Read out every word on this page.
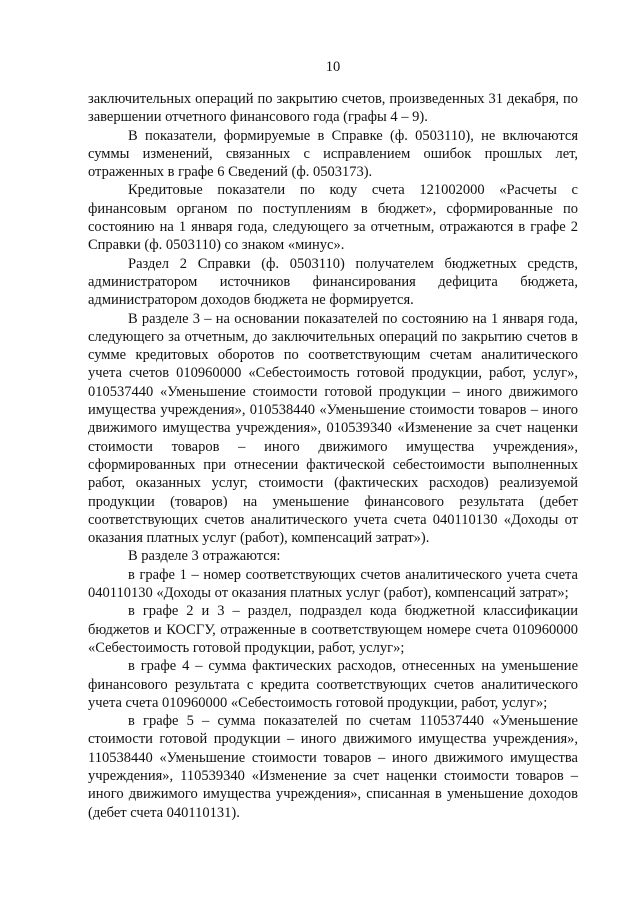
10

заключительных операций по закрытию счетов, произведенных 31 декабря, по завершении отчетного финансового года (графы 4 – 9).

В показатели, формируемые в Справке (ф. 0503110), не включаются суммы изменений, связанных с исправлением ошибок прошлых лет, отраженных в графе 6 Сведений (ф. 0503173).

Кредитовые показатели по коду счета 121002000 «Расчеты с финансовым органом по поступлениям в бюджет», сформированные по состоянию на 1 января года, следующего за отчетным, отражаются в графе 2 Справки (ф. 0503110) со знаком «минус».

Раздел 2 Справки (ф. 0503110) получателем бюджетных средств, администратором источников финансирования дефицита бюджета, администратором доходов бюджета не формируется.

В разделе 3 – на основании показателей по состоянию на 1 января года, следующего за отчетным, до заключительных операций по закрытию счетов в сумме кредитовых оборотов по соответствующим счетам аналитического учета счетов 010960000 «Себестоимость готовой продукции, работ, услуг», 010537440 «Уменьшение стоимости готовой продукции – иного движимого имущества учреждения», 010538440 «Уменьшение стоимости товаров – иного движимого имущества учреждения», 010539340 «Изменение за счет наценки стоимости товаров – иного движимого имущества учреждения», сформированных при отнесении фактической себестоимости выполненных работ, оказанных услуг, стоимости (фактических расходов) реализуемой продукции (товаров) на уменьшение финансового результата (дебет соответствующих счетов аналитического учета счета 040110130 «Доходы от оказания платных услуг (работ), компенсаций затрат»).

В разделе 3 отражаются:

в графе 1 – номер соответствующих счетов аналитического учета счета 040110130 «Доходы от оказания платных услуг (работ), компенсаций затрат»;

в графе 2 и 3 – раздел, подраздел кода бюджетной классификации бюджетов и КОСГУ, отраженные в соответствующем номере счета 010960000 «Себестоимость готовой продукции, работ, услуг»;

в графе 4 – сумма фактических расходов, отнесенных на уменьшение финансового результата с кредита соответствующих счетов аналитического учета счета 010960000 «Себестоимость готовой продукции, работ, услуг»;

в графе 5 – сумма показателей по счетам 110537440 «Уменьшение стоимости готовой продукции – иного движимого имущества учреждения», 110538440 «Уменьшение стоимости товаров – иного движимого имущества учреждения», 110539340 «Изменение за счет наценки стоимости товаров – иного движимого имущества учреждения», списанная в уменьшение доходов (дебет счета 040110131).
